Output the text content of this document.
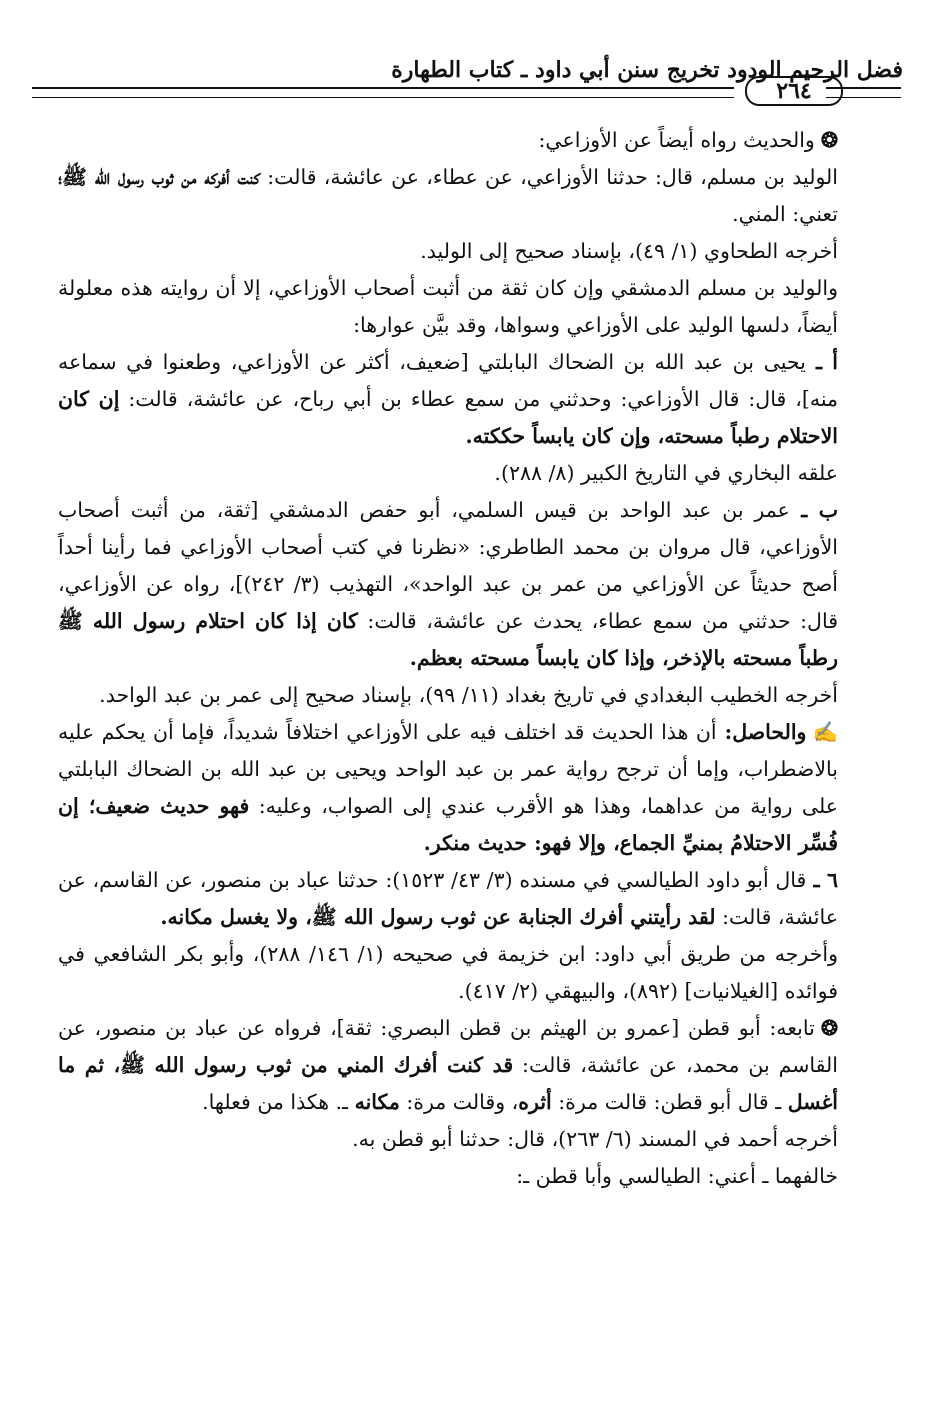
فضل الرحيم الودود تخريج سنن أبي داود ـ كتاب الطهارة
٢٦٤

❂والحديث رواه أيضاً عن الأوزاعي:

الوليد بن مسلم، قال: حدثنا الأوزاعي، عن عطاء، عن عائشة، قالت: كنت أفركه من ثوب رسول الله ﷺ؛ تعني: المني.

أخرجه الطحاوي (١/ ٤٩)، بإسناد صحيح إلى الوليد.

والوليد بن مسلم الدمشقي وإن كان ثقة من أثبت أصحاب الأوزاعي، إلا أن روايته هذه معلولة أيضاً، دلسها الوليد على الأوزاعي وسواها، وقد بيَّن عوارها:

أ ـ يحيى بن عبد الله بن الضحاك البابلتي [ضعيف، أكثر عن الأوزاعي، وطعنوا في سماعه منه]، قال: قال الأوزاعي: وحدثني من سمع عطاء بن أبي رباح، عن عائشة، قالت: إن كان الاحتلام رطباً مسحته، وإن كان يابساً حككته.

علقه البخاري في التاريخ الكبير (٨/ ٢٨٨).

ب ـ عمر بن عبد الواحد بن قيس السلمي، أبو حفص الدمشقي [ثقة، من أثبت أصحاب الأوزاعي، قال مروان بن محمد الطاطري: «نظرنا في كتب أصحاب الأوزاعي فما رأينا أحداً أصح حديثاً عن الأوزاعي من عمر بن عبد الواحد»، التهذيب (٣/ ٢٤٢)]، رواه عن الأوزاعي، قال: حدثني من سمع عطاء، يحدث عن عائشة، قالت: كان إذا كان احتلام رسول الله ﷺ رطباً مسحته بالإذخر، وإذا كان يابساً مسحته بعظم.

أخرجه الخطيب البغدادي في تاريخ بغداد (١١/ ٩٩)، بإسناد صحيح إلى عمر بن عبد الواحد.

✍والحاصل: أن هذا الحديث قد اختلف فيه على الأوزاعي اختلافاً شديداً، فإما أن يحكم عليه بالاضطراب، وإما أن ترجح رواية عمر بن عبد الواحد ويحيى بن عبد الله بن الضحاك البابلتي على رواية من عداهما، وهذا هو الأقرب عندي إلى الصواب، وعليه: فهو حديث ضعيف؛ إن فُسِّر الاحتلامُ بمنيِّ الجماع، وإلا فهو: حديث منكر.

٦ ـ قال أبو داود الطيالسي في مسنده (٣/ ٤٣/ ١٥٢٣): حدثنا عباد بن منصور، عن القاسم، عن عائشة، قالت: لقد رأيتني أفرك الجنابة عن ثوب رسول الله ﷺ، ولا يغسل مكانه.

وأخرجه من طريق أبي داود: ابن خزيمة في صحيحه (١/ ١٤٦/ ٢٨٨)، وأبو بكر الشافعي في فوائده [الغيلانيات] (٨٩٢)، والبيهقي (٢/ ٤١٧).

❂تابعه: أبو قطن [عمرو بن الهيثم بن قطن البصري: ثقة]، فرواه عن عباد بن منصور، عن القاسم بن محمد، عن عائشة، قالت: قد كنت أفرك المني من ثوب رسول الله ﷺ، ثم ما أغسل ـ قال أبو قطن: قالت مرة: أثره، وقالت مرة: مكانه ـ. هكذا من فعلها.

أخرجه أحمد في المسند (٦/ ٢٦٣)، قال: حدثنا أبو قطن به.

خالفهما ـ أعني: الطيالسي وأبا قطن ـ:
